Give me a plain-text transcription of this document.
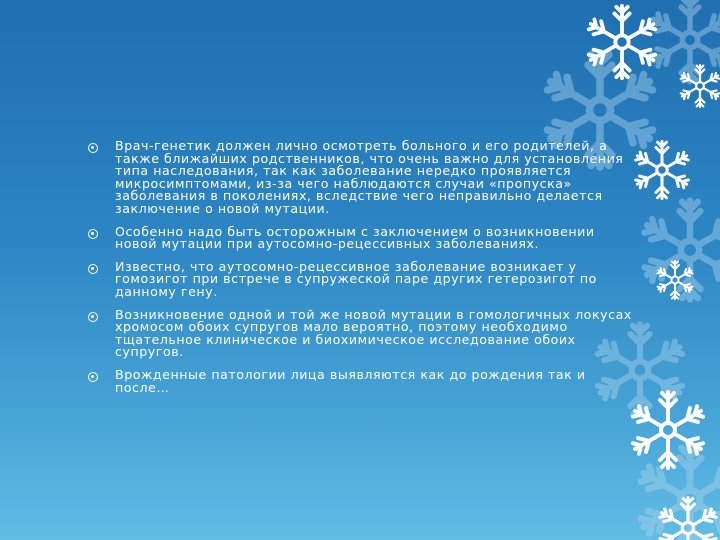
Врач-генетик должен лично осмотреть больного и его родителей, а также ближайших родственников, что очень важно для установления типа наследования, так как заболевание нередко проявляется микросимптомами, из-за чего наблюдаются случаи «пропуска» заболевания в поколениях, вследствие чего неправильно делается заключение о новой мутации.

Особенно надо быть осторожным с заключением о возникновении новой мутации при аутосомно-рецессивных заболеваниях.

Известно, что аутосомно-рецессивное заболевание возникает у гомозигот при встрече в супружеской паре других гетерозигот по данному гену.

Возникновение одной и той же новой мутации в гомологичных локусах хромосом обоих супругов мало вероятно, поэтому необходимо тщательное клиническое и биохимическое исследование обоих супругов.

Врожденные патологии лица выявляются как до рождения так и после…
